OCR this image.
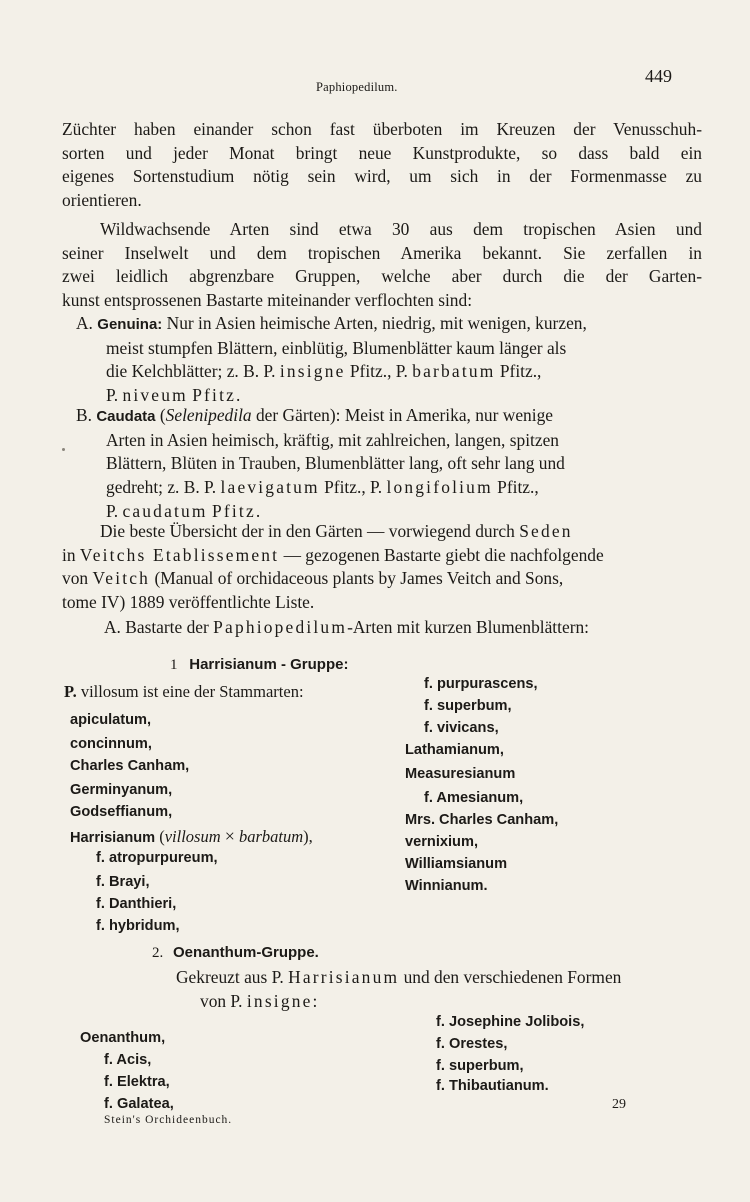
Paphiopedilum.
449
Züchter haben einander schon fast überboten im Kreuzen der Venusschuh-
sorten und jeder Monat bringt neue Kunstprodukte, so dass bald ein
eigenes Sortenstudium nötig sein wird, um sich in der Formenmasse zu
orientieren.
Wildwachsende Arten sind etwa 30 aus dem tropischen Asien und
seiner Inselwelt und dem tropischen Amerika bekannt. Sie zerfallen in
zwei leidlich abgrenzbare Gruppen, welche aber durch die der Garten-
kunst entsprossenen Bastarte miteinander verflochten sind:
A. Genuina: Nur in Asien heimische Arten, niedrig, mit wenigen, kurzen,
meist stumpfen Blättern, einblütig, Blumenblätter kaum länger als
die Kelchblätter; z. B. P. insigne Pfitz., P. barbatum Pfitz.,
P. niveum Pfitz.
B. Caudata (Selenipedila der Gärten): Meist in Amerika, nur wenige
Arten in Asien heimisch, kräftig, mit zahlreichen, langen, spitzen
Blättern, Blüten in Trauben, Blumenblätter lang, oft sehr lang und
gedreht; z. B. P. laevigatum Pfitz., P. longifolium Pfitz.,
P. caudatum Pfitz.
Die beste Übersicht der in den Gärten — vorwiegend durch Seden
in Veitchs Etablissement — gezogenen Bastarte giebt die nachfolgende
von Veitch (Manual of orchidaceous plants by James Veitch and Sons,
tome IV) 1889 veröffentlichte Liste.
A. Bastarte der Paphiopedilum-Arten mit kurzen Blumenblättern:
1 Harrisianum - Gruppe:
P. villosum ist eine der Stammarten:
apiculatum,
concinnum,
Charles Canham,
Germinyanum,
Godseffianum,
Harrisianum (villosum × barbatum),
f. atropurpureum,
f. Brayi,
f. Danthieri,
f. hybridum,
f. purpurascens,
f. superbum,
f. vivicans,
Lathamianum,
Measuresianum
f. Amesianum,
Mrs. Charles Canham,
vernixium,
Williamsianum
Winnianum.
2. Oenanthum-Gruppe.
Gekreuzt aus P. Harrisianum und den verschiedenen Formen
von P. insigne:
Oenanthum,
f. Acis,
f. Elektra,
f. Galatea,
f. Josephine Jolibois,
f. Orestes,
f. superbum,
f. Thibautianum.
Stein's Orchideenbuch.
29
